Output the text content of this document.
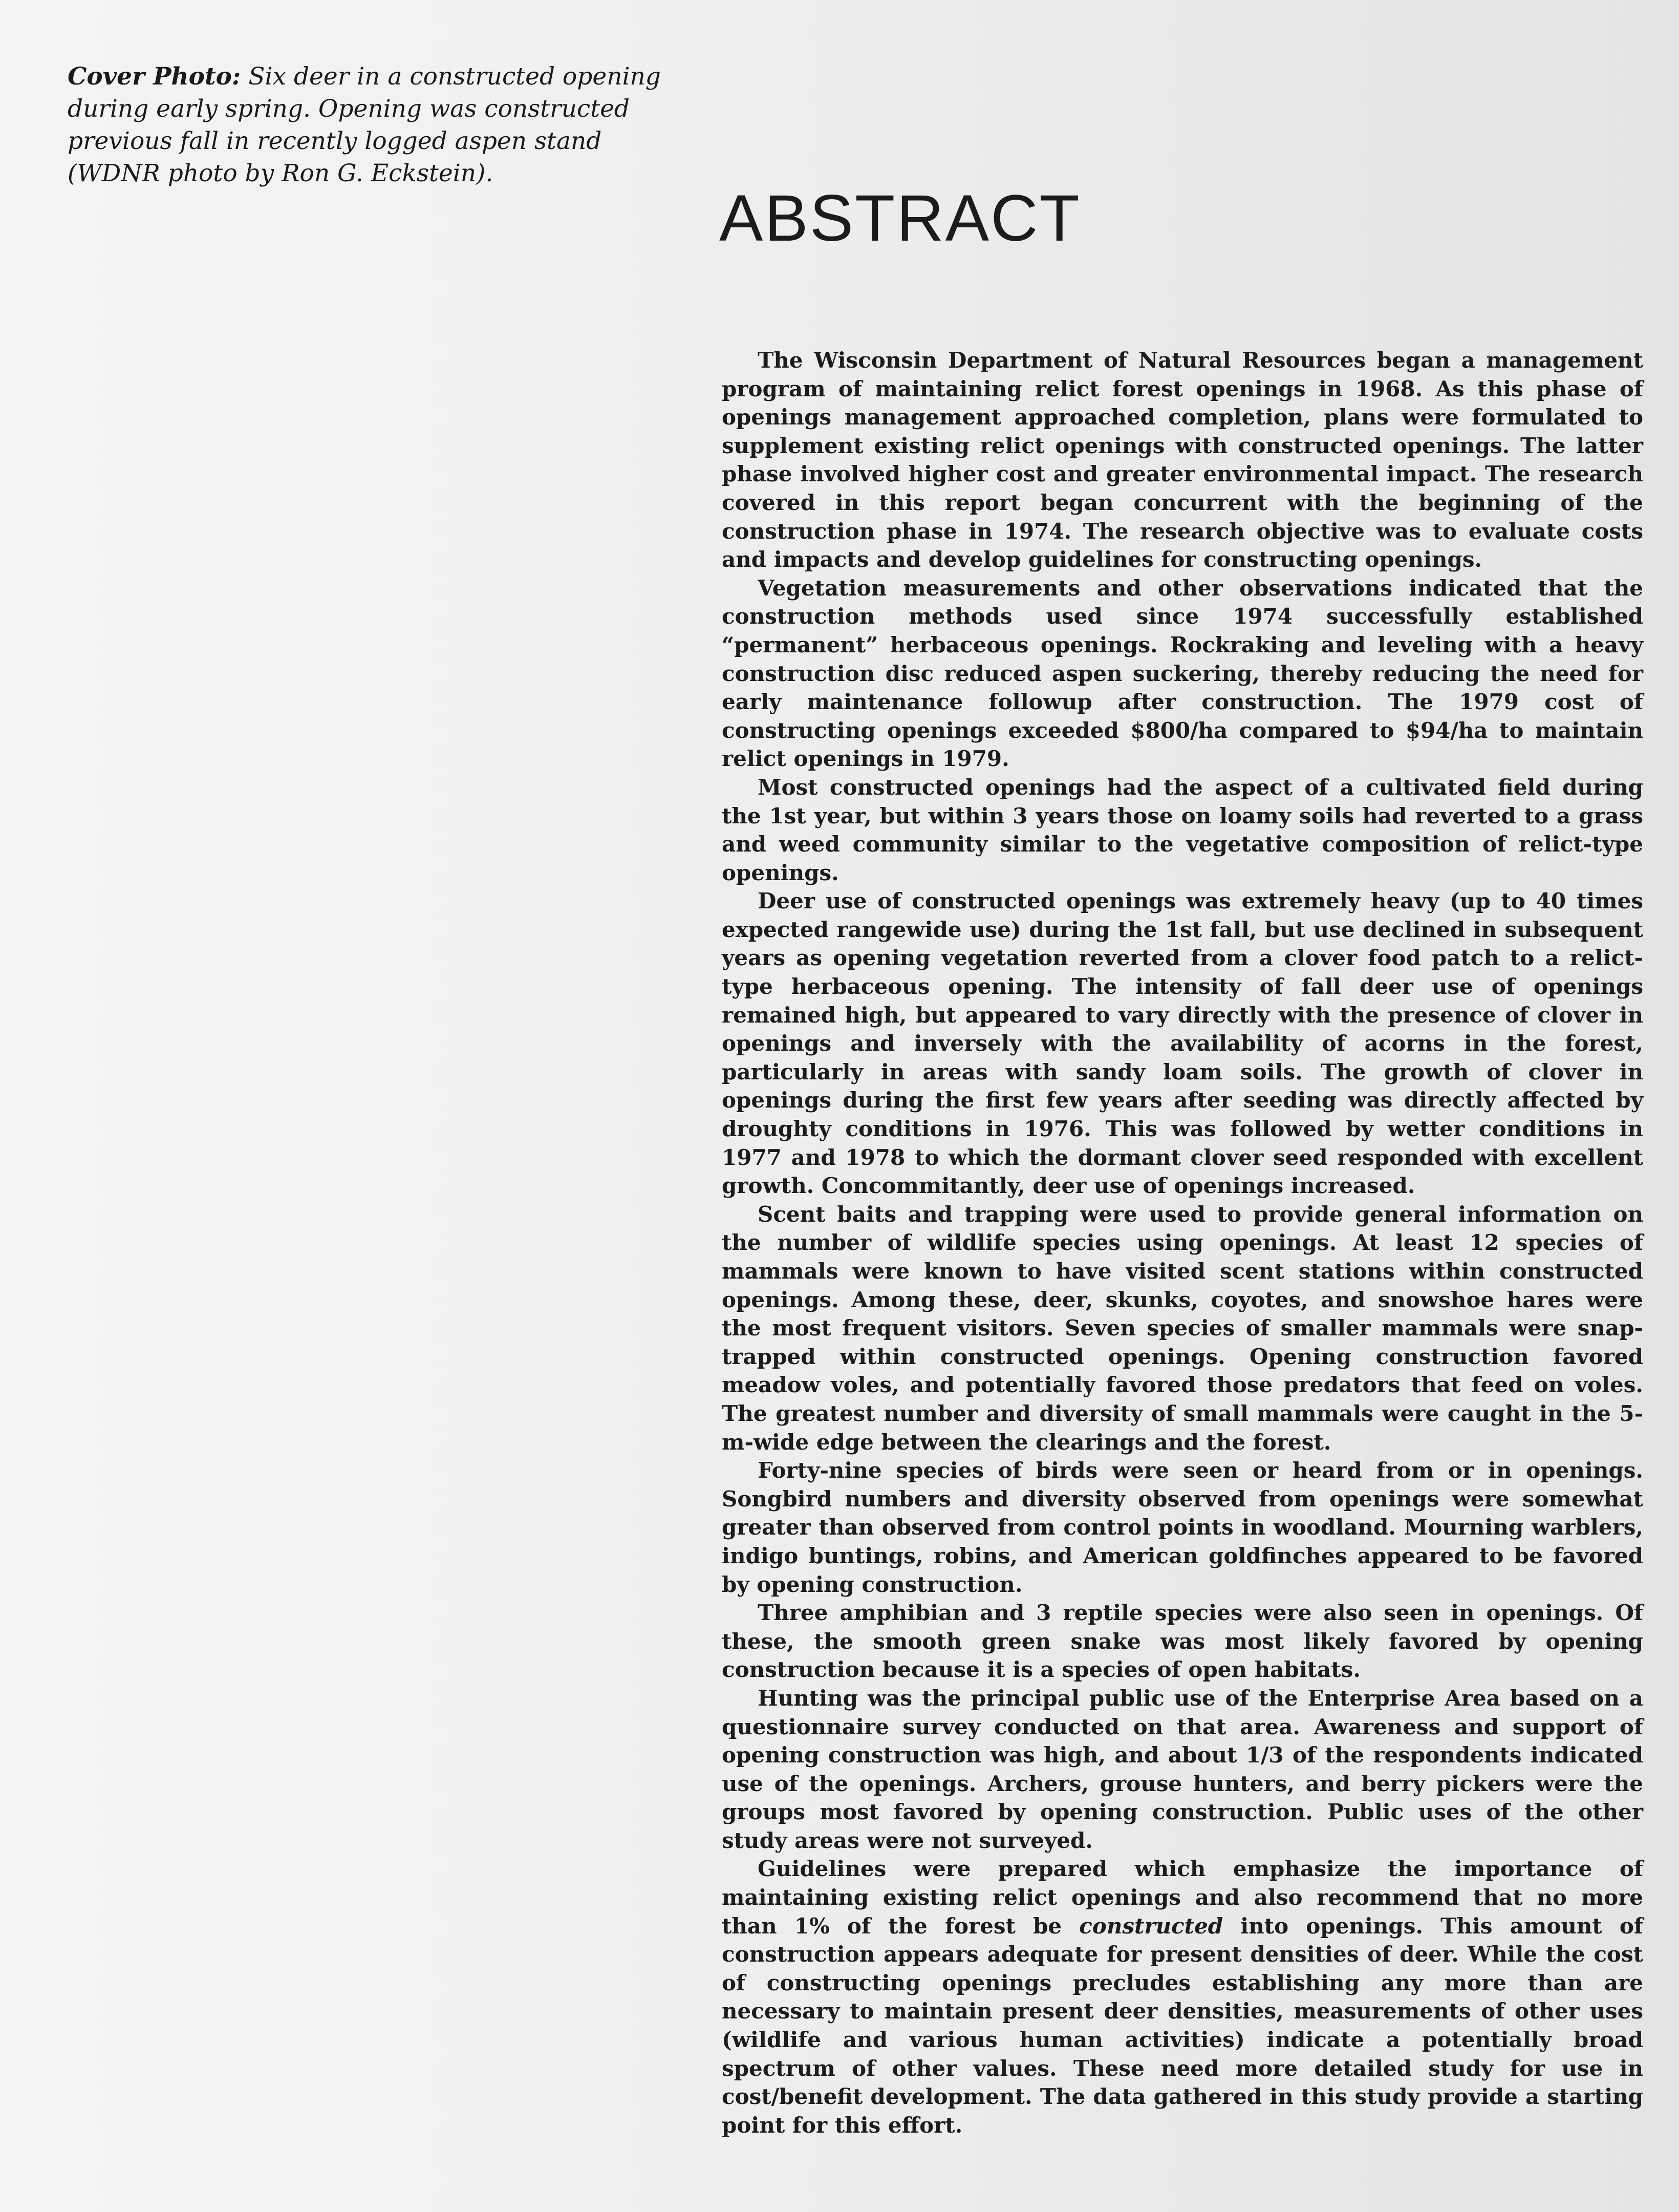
Cover Photo: Six deer in a constructed opening during early spring. Opening was constructed previous fall in recently logged aspen stand (WDNR photo by Ron G. Eckstein).
ABSTRACT

The Wisconsin Department of Natural Resources began a management program of maintaining relict forest openings in 1968. As this phase of openings management approached completion, plans were formulated to supplement existing relict openings with constructed openings. The latter phase involved higher cost and greater environmental impact. The research covered in this report began concurrent with the beginning of the construction phase in 1974. The research objective was to evaluate costs and impacts and develop guidelines for constructing openings.

Vegetation measurements and other observations indicated that the construction methods used since 1974 successfully established “permanent” herbaceous openings. Rockraking and leveling with a heavy construction disc reduced aspen suckering, thereby reducing the need for early maintenance followup after construction. The 1979 cost of constructing openings exceeded $800/ha compared to $94/ha to maintain relict openings in 1979.

Most constructed openings had the aspect of a cultivated field during the 1st year, but within 3 years those on loamy soils had reverted to a grass and weed community similar to the vegetative composition of relict-type openings.

Deer use of constructed openings was extremely heavy (up to 40 times expected rangewide use) during the 1st fall, but use declined in subsequent years as opening vegetation reverted from a clover food patch to a relict-type herbaceous opening. The intensity of fall deer use of openings remained high, but appeared to vary directly with the presence of clover in openings and inversely with the availability of acorns in the forest, particularly in areas with sandy loam soils. The growth of clover in openings during the first few years after seeding was directly affected by droughty conditions in 1976. This was followed by wetter conditions in 1977 and 1978 to which the dormant clover seed responded with excellent growth. Concommitantly, deer use of openings increased.

Scent baits and trapping were used to provide general information on the number of wildlife species using openings. At least 12 species of mammals were known to have visited scent stations within constructed openings. Among these, deer, skunks, coyotes, and snowshoe hares were the most frequent visitors. Seven species of smaller mammals were snap-trapped within constructed openings. Opening construction favored meadow voles, and potentially favored those predators that feed on voles. The greatest number and diversity of small mammals were caught in the 5-m-wide edge between the clearings and the forest.

Forty-nine species of birds were seen or heard from or in openings. Songbird numbers and diversity observed from openings were somewhat greater than observed from control points in woodland. Mourning warblers, indigo buntings, robins, and American goldfinches appeared to be favored by opening construction.

Three amphibian and 3 reptile species were also seen in openings. Of these, the smooth green snake was most likely favored by opening construction because it is a species of open habitats.

Hunting was the principal public use of the Enterprise Area based on a questionnaire survey conducted on that area. Awareness and support of opening construction was high, and about 1/3 of the respondents indicated use of the openings. Archers, grouse hunters, and berry pickers were the groups most favored by opening construction. Public uses of the other study areas were not surveyed.

Guidelines were prepared which emphasize the importance of maintaining existing relict openings and also recommend that no more than 1% of the forest be constructed into openings. This amount of construction appears adequate for present densities of deer. While the cost of constructing openings precludes establishing any more than are necessary to maintain present deer densities, measurements of other uses (wildlife and various human activities) indicate a potentially broad spectrum of other values. These need more detailed study for use in cost/benefit development. The data gathered in this study provide a starting point for this effort.
